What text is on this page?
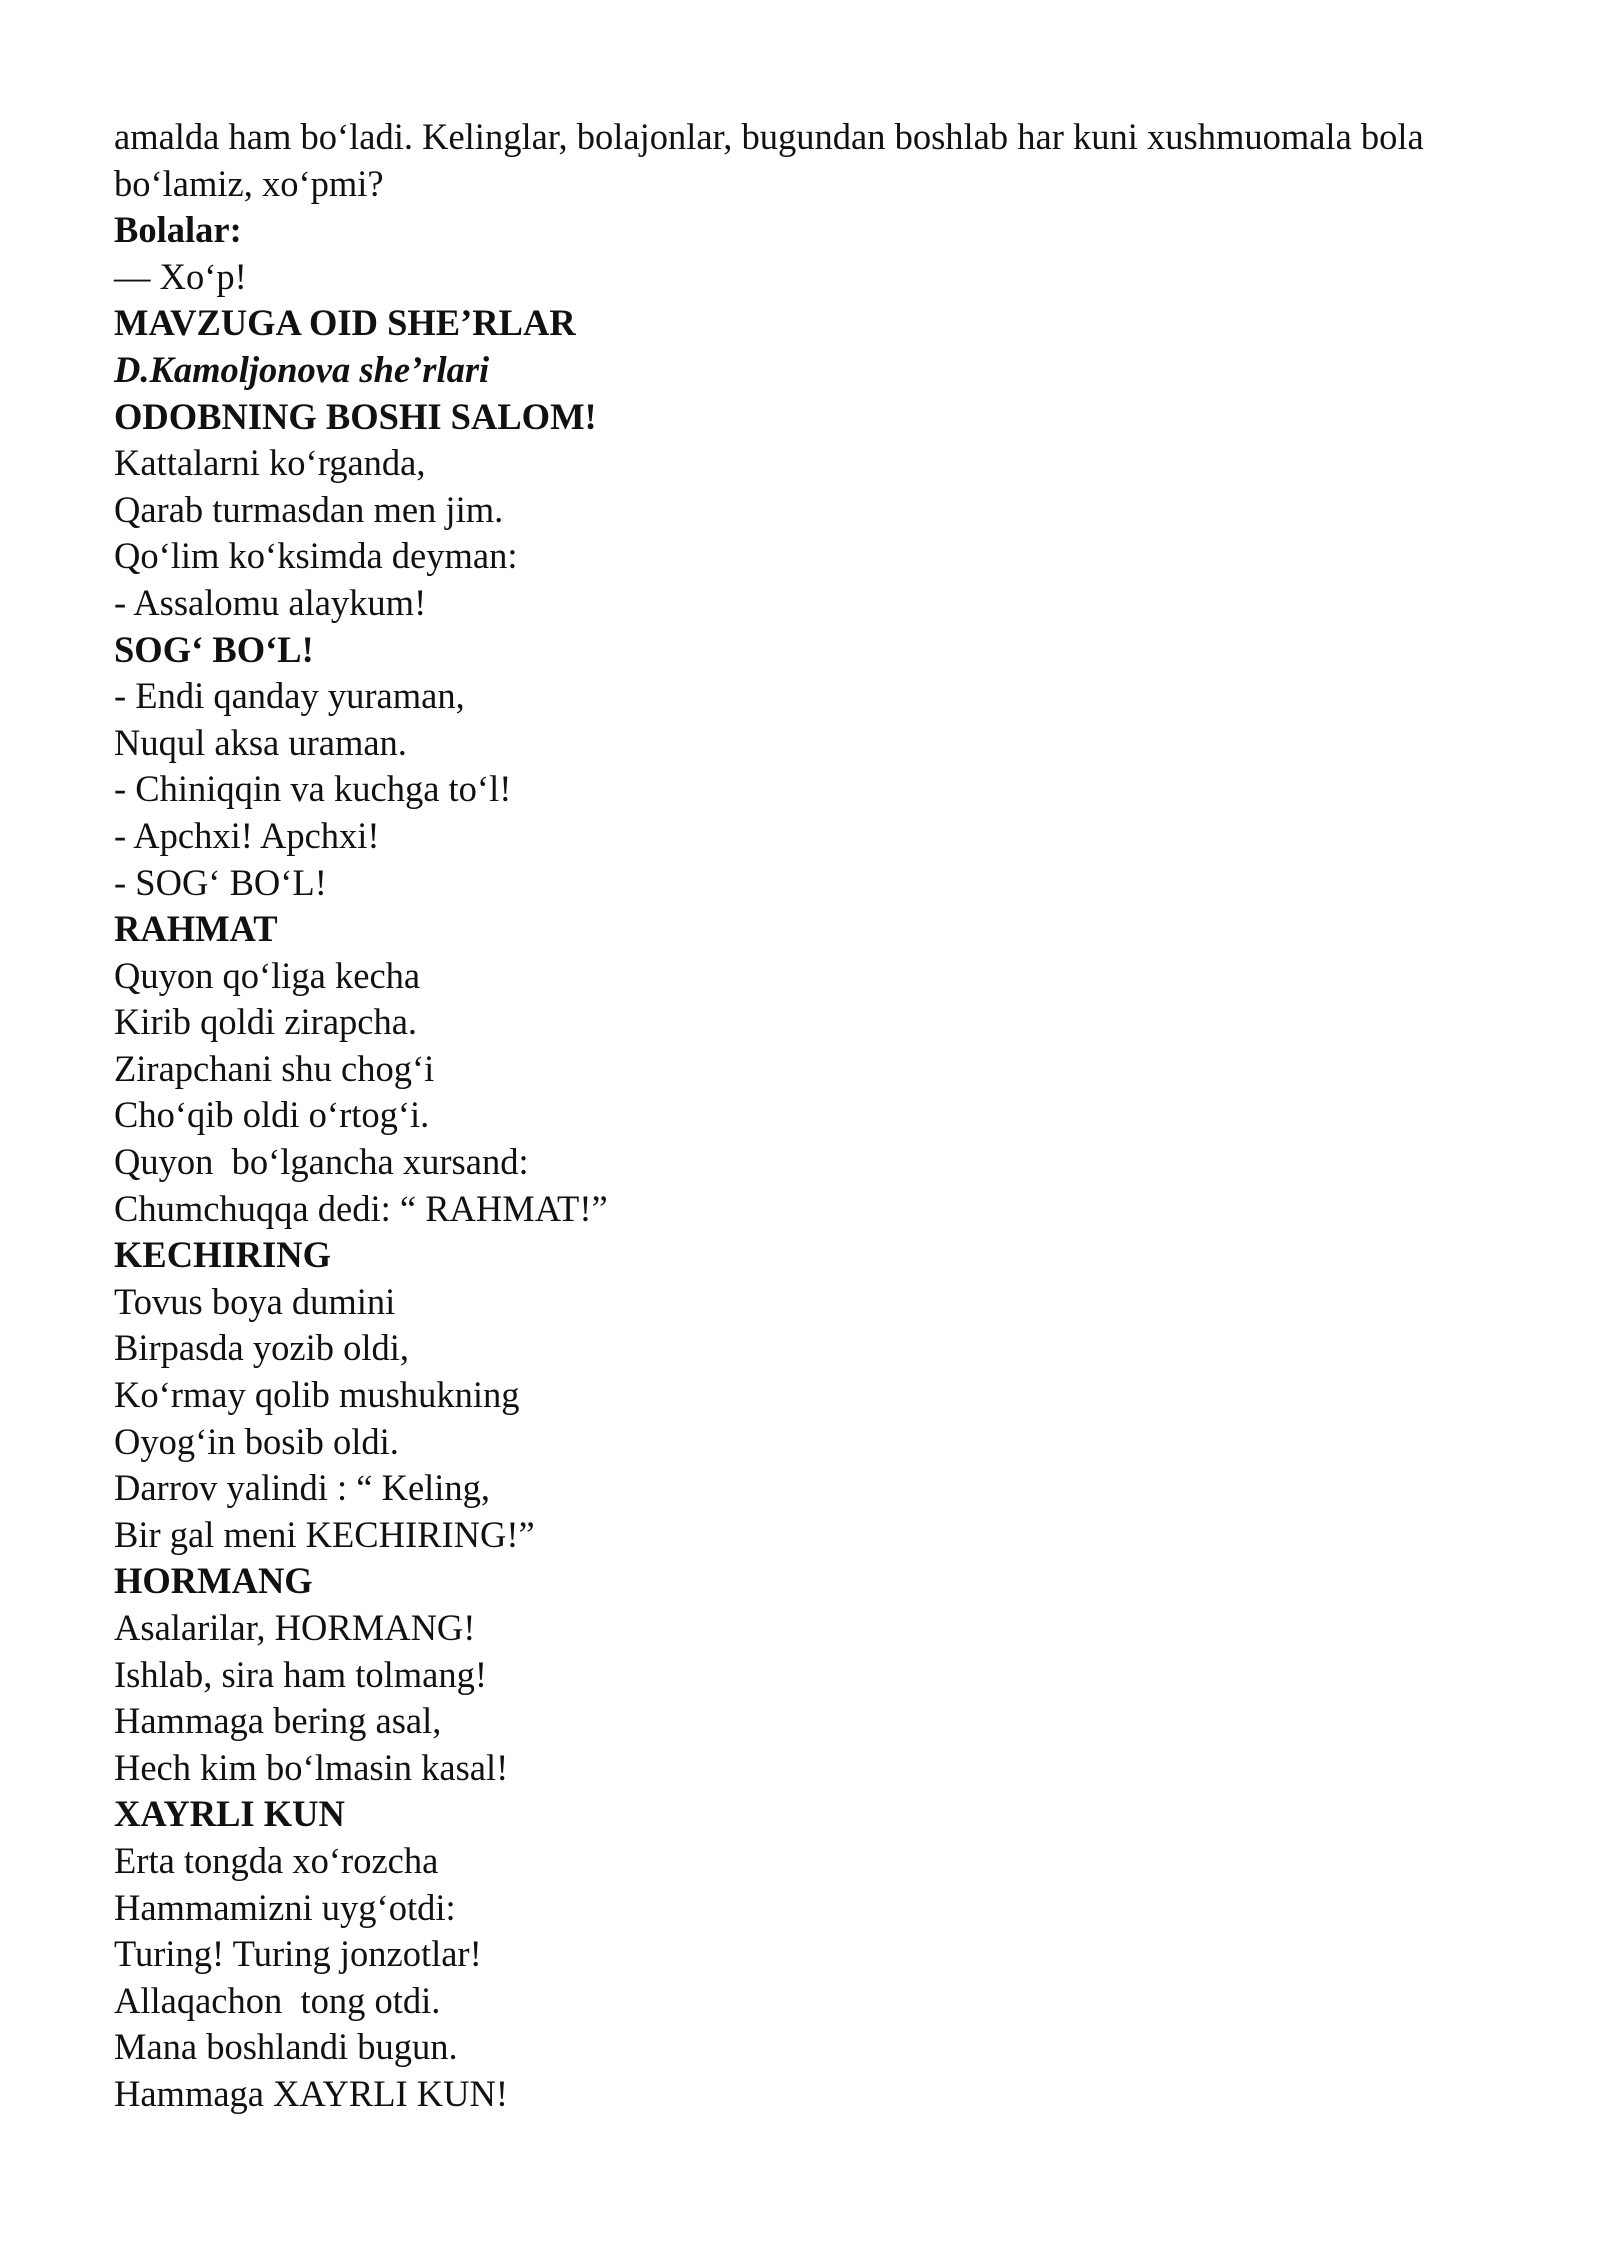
amalda ham bo‘ladi. Kelinglar, bolajonlar, bugundan boshlab har kuni xushmuomala bola
bo‘lamiz, xo‘pmi?
Bolalar:
— Xo‘p!
MAVZUGA OID SHE’RLAR
D.Kamoljonova she’rlari
ODOBNING BOSHI SALOM!
Kattalarni ko‘rganda,
Qarab turmasdan men jim.
Qo‘lim ko‘ksimda deyman:
- Assalomu alaykum!
SOG‘ BO‘L!
- Endi qanday yuraman,
Nuqul aksa uraman.
- Chiniqqin va kuchga to‘l!
- Apchxi! Apchxi!
- SOG‘ BO‘L!
RAHMAT
Quyon qo‘liga kecha
Kirib qoldi zirapcha.
Zirapchani shu chog‘i
Cho‘qib oldi o‘rtog‘i.
Quyon  bo‘lgancha xursand:
Chumchuqqa dedi: “ RAHMAT!”
KECHIRING
Tovus boya dumini
Birpasda yozib oldi,
Ko‘rmay qolib mushukning
Oyog‘in bosib oldi.
Darrov yalindi : “ Keling,
Bir gal meni KECHIRING!”
HORMANG
Asalarilar, HORMANG!
Ishlab, sira ham tolmang!
Hammaga bering asal,
Hech kim bo‘lmasin kasal!
XAYRLI KUN
Erta tongda xo‘rozcha
Hammamizni uyg‘otdi:
Turing! Turing jonzotlar!
Allaqachon  tong otdi.
Mana boshlandi bugun.
Hammaga XAYRLI KUN!
